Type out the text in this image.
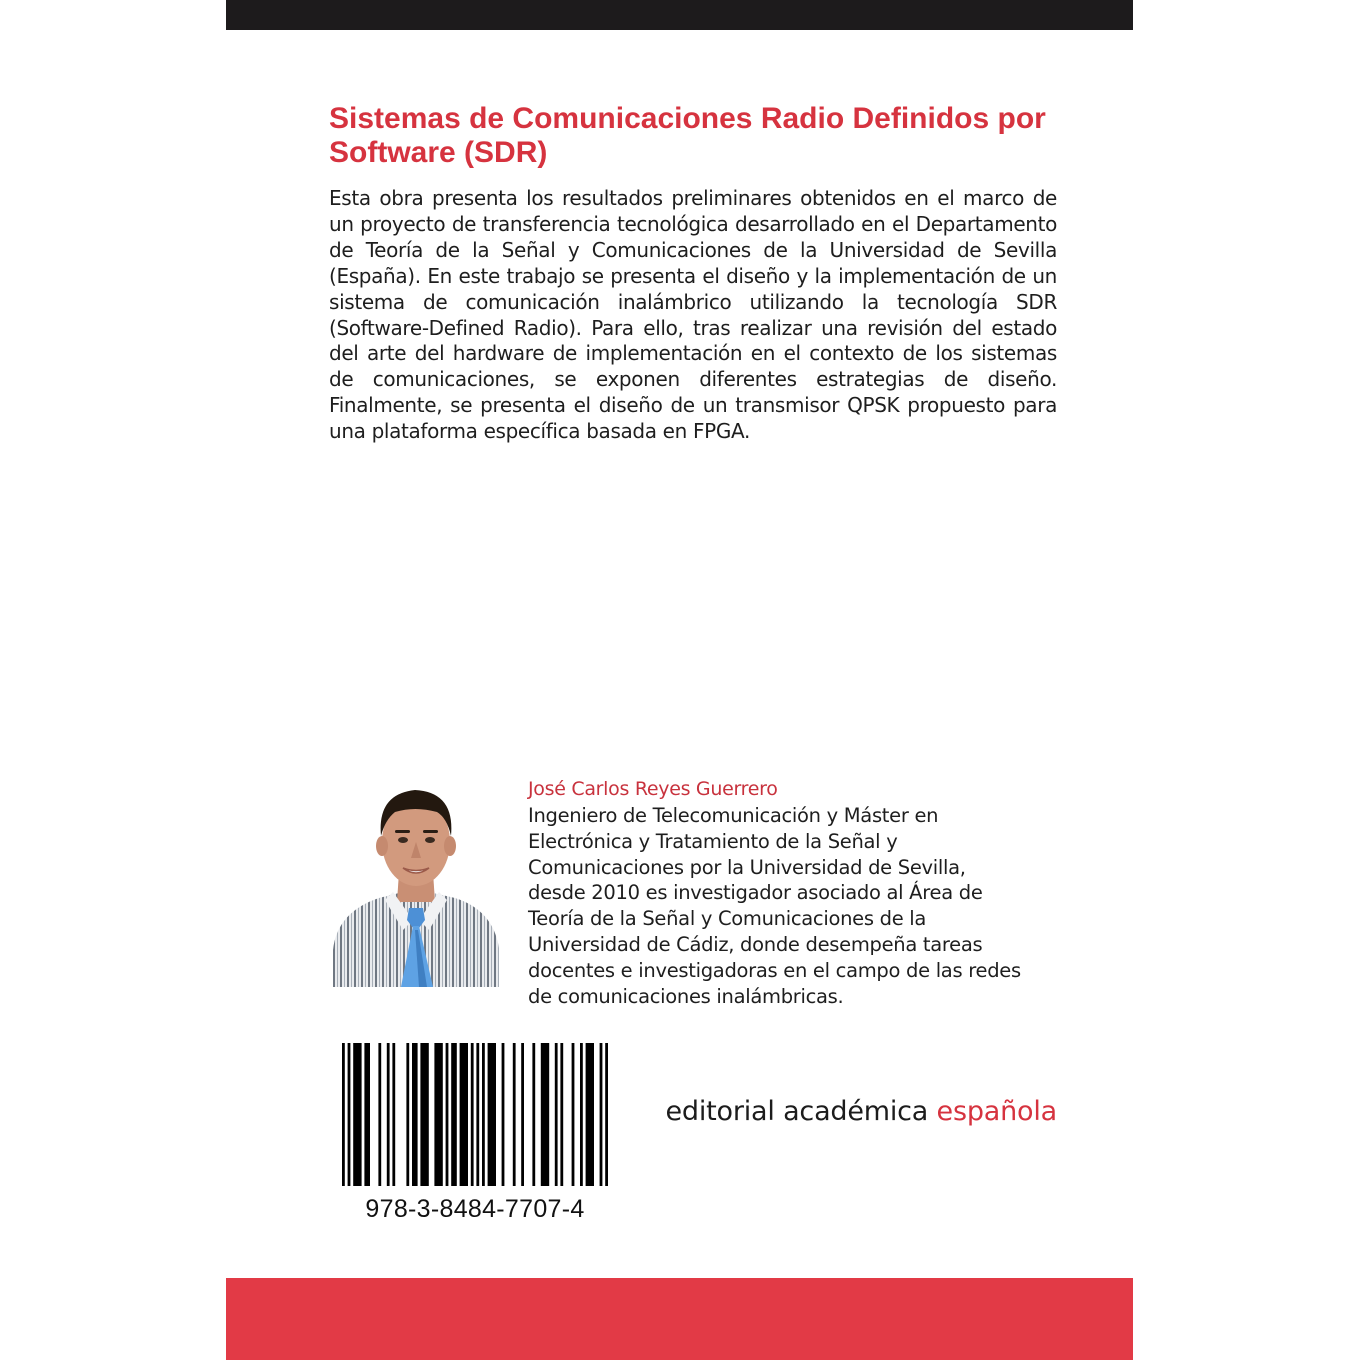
Sistemas de Comunicaciones Radio Definidos por Software (SDR)

Esta obra presenta los resultados preliminares obtenidos en el marco de un proyecto de transferencia tecnológica desarrollado en el Departamento de Teoría de la Señal y Comunicaciones de la Universidad de Sevilla (España). En este trabajo se presenta el diseño y la implementación de un sistema de comunicación inalámbrico utilizando la tecnología SDR (Software-Defined Radio). Para ello, tras realizar una revisión del estado del arte del hardware de implementación en el contexto de los sistemas de comunicaciones, se exponen diferentes estrategias de diseño. Finalmente, se presenta el diseño de un transmisor QPSK propuesto para una plataforma específica basada en FPGA.

José Carlos Reyes Guerrero
Ingeniero de Telecomunicación y Máster en
Electrónica y Tratamiento de la Señal y
Comunicaciones por la Universidad de Sevilla,
desde 2010 es investigador asociado al Área de
Teoría de la Señal y Comunicaciones de la
Universidad de Cádiz, donde desempeña tareas
docentes e investigadoras en el campo de las redes
de comunicaciones inalámbricas.
978-3-8484-7707-4
editorial académica española
